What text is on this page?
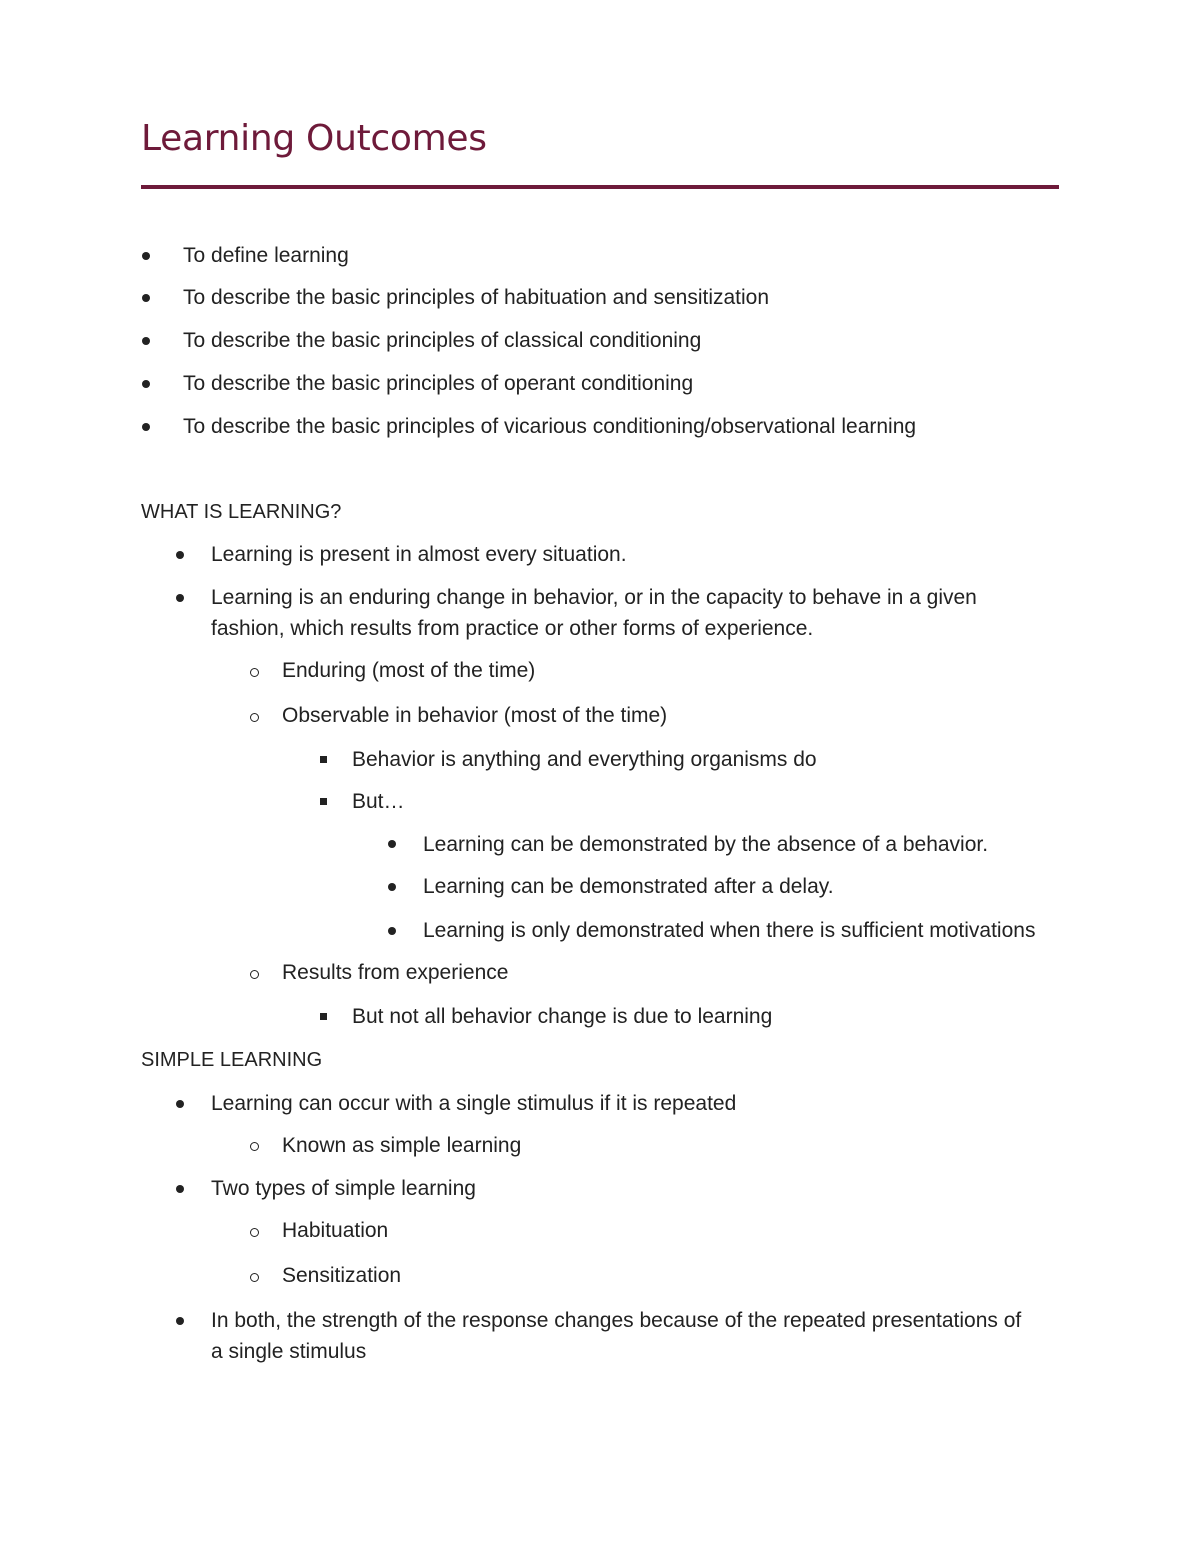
Learning Outcomes
To define learning
To describe the basic principles of habituation and sensitization
To describe the basic principles of classical conditioning
To describe the basic principles of operant conditioning
To describe the basic principles of vicarious conditioning/observational learning
WHAT IS LEARNING?
Learning is present in almost every situation.
Learning is an enduring change in behavior, or in the capacity to behave in a given
fashion, which results from practice or other forms of experience.
Enduring (most of the time)
Observable in behavior (most of the time)
Behavior is anything and everything organisms do
But…
Learning can be demonstrated by the absence of a behavior.
Learning can be demonstrated after a delay.
Learning is only demonstrated when there is sufficient motivations
Results from experience
But not all behavior change is due to learning
SIMPLE LEARNING
Learning can occur with a single stimulus if it is repeated
Known as simple learning
Two types of simple learning
Habituation
Sensitization
In both, the strength of the response changes because of the repeated presentations of
a single stimulus
